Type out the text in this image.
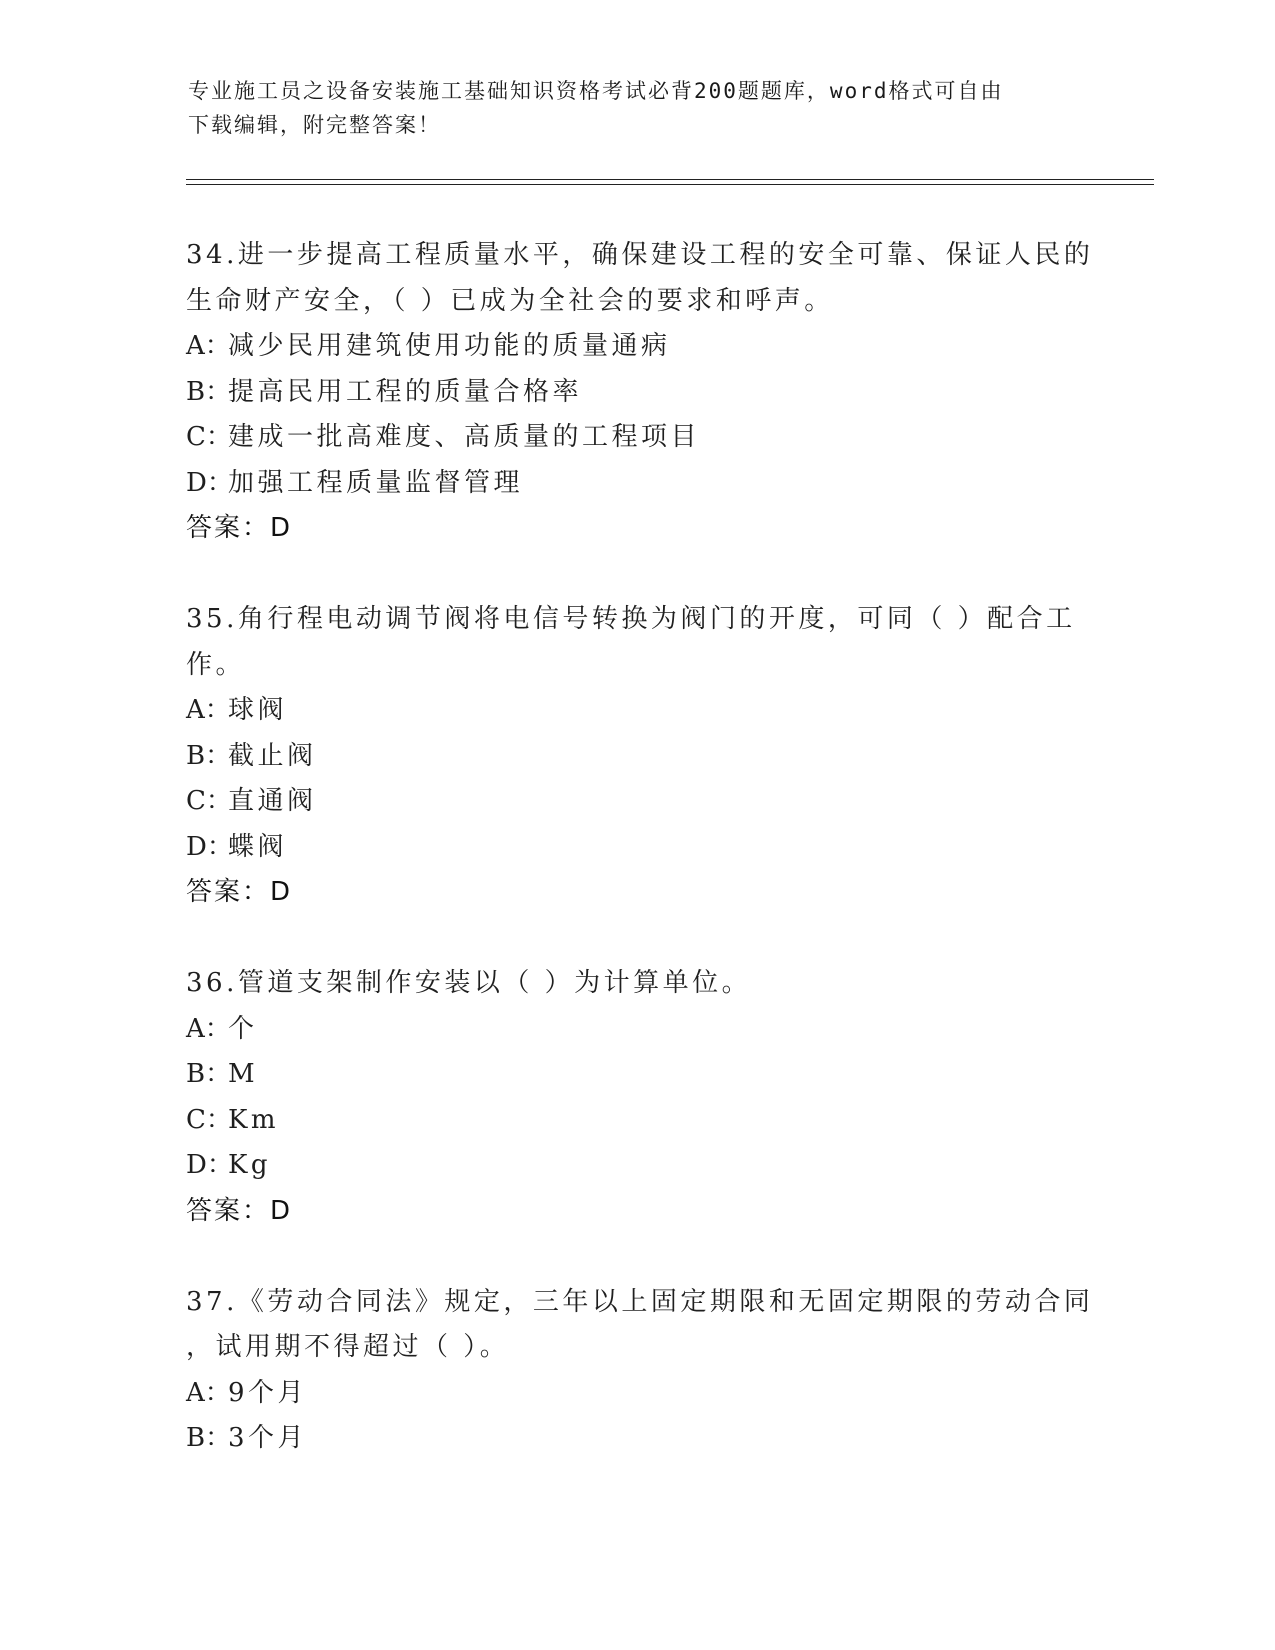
专业施工员之设备安装施工基础知识资格考试必背200题题库，word格式可自由
下载编辑，附完整答案！
34.进一步提高工程质量水平，确保建设工程的安全可靠、保证人民的
生命财产安全，（ ）已成为全社会的要求和呼声。
A：减少民用建筑使用功能的质量通病
B：提高民用工程的质量合格率
C：建成一批高难度、高质量的工程项目
D：加强工程质量监督管理
答案：D
35.角行程电动调节阀将电信号转换为阀门的开度，可同（ ）配合工
作。
A：球阀
B：截止阀
C：直通阀
D：蝶阀
答案：D
36.管道支架制作安装以（ ）为计算单位。
A：个
B：M
C：Km
D：Kg
答案：D
37.《劳动合同法》规定，三年以上固定期限和无固定期限的劳动合同
，试用期不得超过（ ）。
A：9个月
B：3个月
